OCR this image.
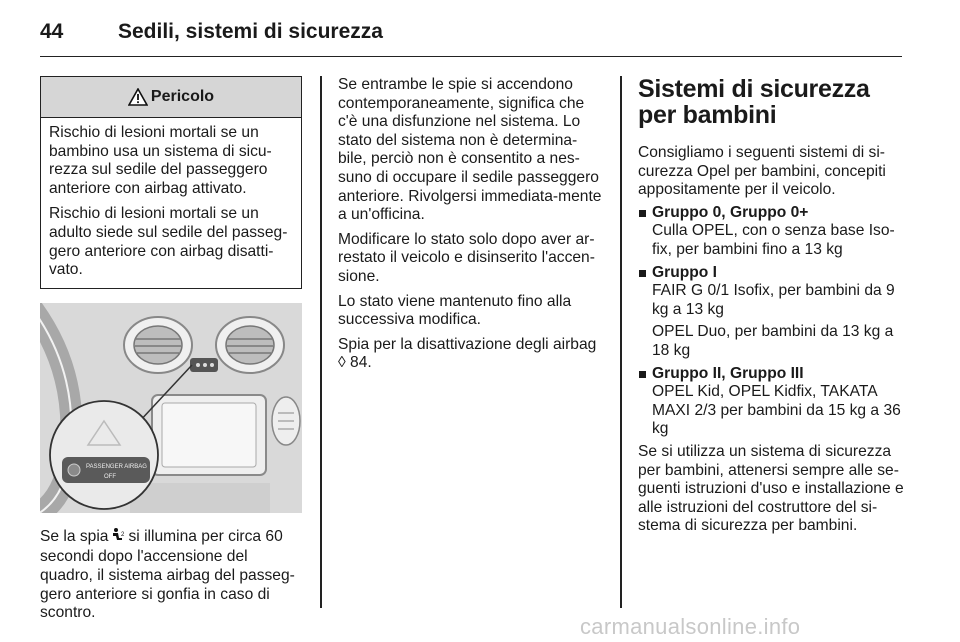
44	Sedili, sistemi di sicurezza
Pericolo

Rischio di lesioni mortali se un bambino usa un sistema di sicu-rezza sul sedile del passeggero anteriore con airbag attivato.

Rischio di lesioni mortali se un adulto siede sul sedile del passeg-gero anteriore con airbag disatti-vato.

PASSENGER AIRBAG
OFF

Se la spia 2 si illumina per circa 60 secondi dopo l'accensione del quadro, il sistema airbag del passeg-gero anteriore si gonfia in caso di scontro.

Se entrambe le spie si accendono contemporaneamente, significa che c'è una disfunzione nel sistema. Lo stato del sistema non è determina-bile, perciò non è consentito a nes-suno di occupare il sedile passeggero anteriore. Rivolgersi immediata-mente a un'officina.

Modificare lo stato solo dopo aver ar-restato il veicolo e disinserito l'accen-sione.

Lo stato viene mantenuto fino alla successiva modifica.

Spia per la disattivazione degli airbag ◊ 84.

Sistemi di sicurezza per bambini

Consigliamo i seguenti sistemi di si-curezza Opel per bambini, concepiti appositamente per il veicolo.

Gruppo 0, Gruppo 0+

Culla OPEL, con o senza base Iso-fix, per bambini fino a 13 kg

Gruppo I

FAIR G 0/1 Isofix, per bambini da 9 kg a 13 kg

OPEL Duo, per bambini da 13 kg a 18 kg

Gruppo II, Gruppo III

OPEL Kid, OPEL Kidfix, TAKATA MAXI 2/3 per bambini da 15 kg a 36 kg

Se si utilizza un sistema di sicurezza per bambini, attenersi sempre alle se-guenti istruzioni d'uso e installazione e alle istruzioni del costruttore del si-stema di sicurezza per bambini.

carmanualsonline.info
